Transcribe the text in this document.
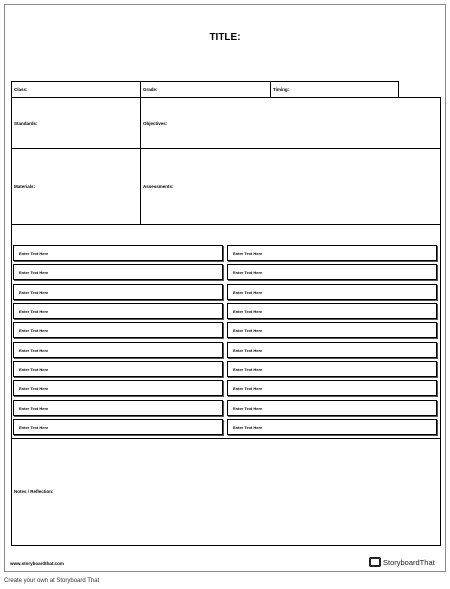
TITLE:
Class:	Grade:	Timing:
Standards:	Objectives:
Materials:	Assessments:
Enter Text Here
Enter Text Here
Enter Text Here
Enter Text Here
Enter Text Here
Enter Text Here
Enter Text Here
Enter Text Here
Enter Text Here
Enter Text Here
Enter Text Here
Enter Text Here
Enter Text Here
Enter Text Here
Enter Text Here
Enter Text Here
Enter Text Here
Enter Text Here
Enter Text Here
Enter Text Here
Notes / Reflection:
www.storyboardthat.com	StoryboardThat
Create your own at Storyboard That
